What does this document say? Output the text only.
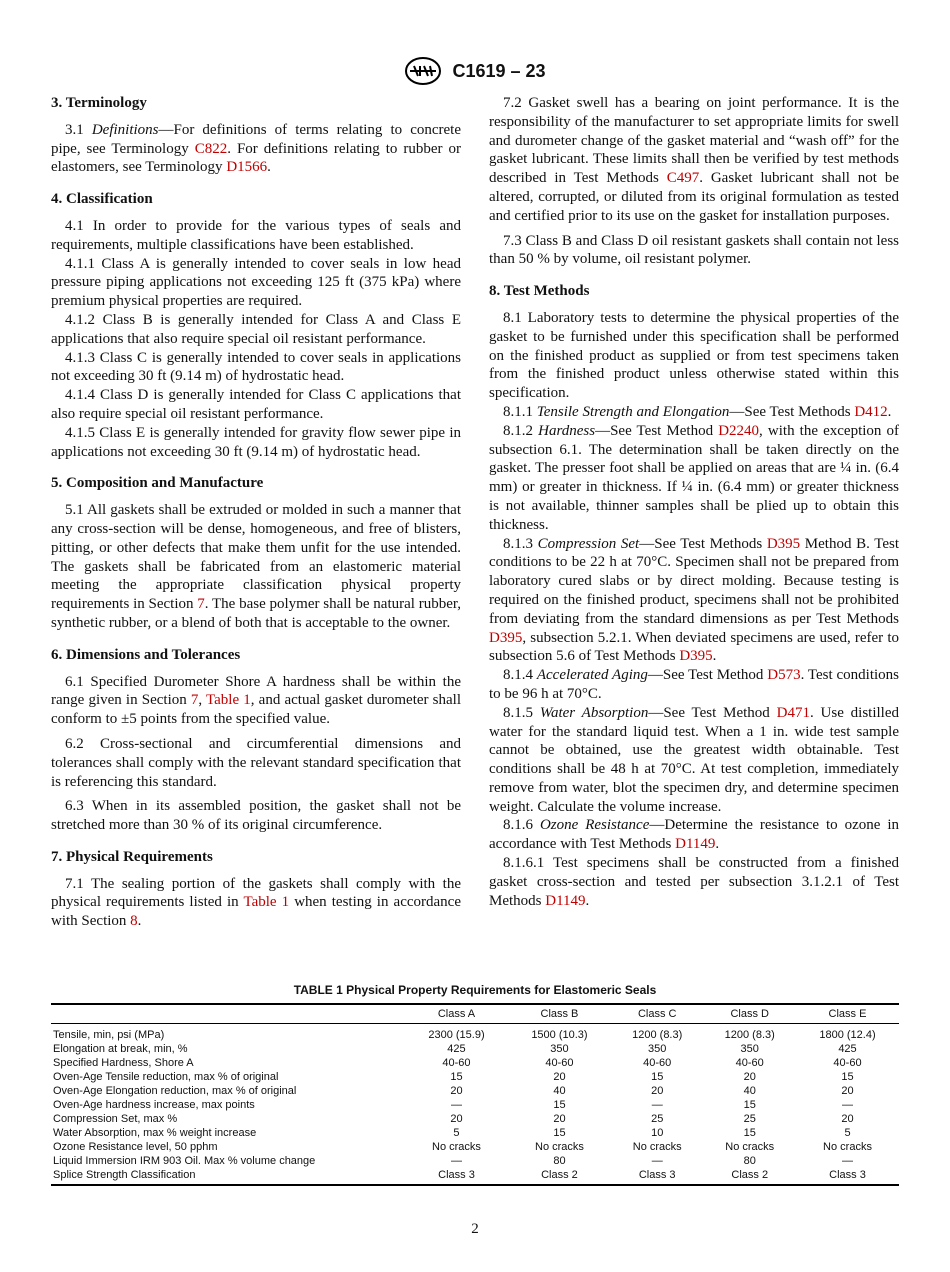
C1619 – 23
3. Terminology

3.1 Definitions—For definitions of terms relating to concrete pipe, see Terminology C822. For definitions relating to rubber or elastomers, see Terminology D1566.

4. Classification

4.1 In order to provide for the various types of seals and requirements, multiple classifications have been established.

4.1.1 Class A is generally intended to cover seals in low head pressure piping applications not exceeding 125 ft (375 kPa) where premium physical properties are required.

4.1.2 Class B is generally intended for Class A and Class E applications that also require special oil resistant performance.

4.1.3 Class C is generally intended to cover seals in applications not exceeding 30 ft (9.14 m) of hydrostatic head.

4.1.4 Class D is generally intended for Class C applications that also require special oil resistant performance.

4.1.5 Class E is generally intended for gravity flow sewer pipe in applications not exceeding 30 ft (9.14 m) of hydrostatic head.

5. Composition and Manufacture

5.1 All gaskets shall be extruded or molded in such a manner that any cross-section will be dense, homogeneous, and free of blisters, pitting, or other defects that make them unfit for the use intended. The gaskets shall be fabricated from an elastomeric material meeting the appropriate classification physical property requirements in Section 7. The base polymer shall be natural rubber, synthetic rubber, or a blend of both that is acceptable to the owner.

6. Dimensions and Tolerances

6.1 Specified Durometer Shore A hardness shall be within the range given in Section 7, Table 1, and actual gasket durometer shall conform to ±5 points from the specified value.

6.2 Cross-sectional and circumferential dimensions and tolerances shall comply with the relevant standard specification that is referencing this standard.

6.3 When in its assembled position, the gasket shall not be stretched more than 30 % of its original circumference.

7. Physical Requirements

7.1 The sealing portion of the gaskets shall comply with the physical requirements listed in Table 1 when testing in accordance with Section 8.

7.2 Gasket swell has a bearing on joint performance. It is the responsibility of the manufacturer to set appropriate limits for swell and durometer change of the gasket material and “wash off” for the gasket lubricant. These limits shall then be verified by test methods described in Test Methods C497. Gasket lubricant shall not be altered, corrupted, or diluted from its original formulation as tested and certified prior to its use on the gasket for installation purposes.

7.3 Class B and Class D oil resistant gaskets shall contain not less than 50 % by volume, oil resistant polymer.

8. Test Methods

8.1 Laboratory tests to determine the physical properties of the gasket to be furnished under this specification shall be performed on the finished product as supplied or from test specimens taken from the finished product unless otherwise stated within this specification.

8.1.1 Tensile Strength and Elongation—See Test Methods D412.

8.1.2 Hardness—See Test Method D2240, with the exception of subsection 6.1. The determination shall be taken directly on the gasket. The presser foot shall be applied on areas that are ¼ in. (6.4 mm) or greater in thickness. If ¼ in. (6.4 mm) or greater thickness is not available, thinner samples shall be plied up to obtain this thickness.

8.1.3 Compression Set—See Test Methods D395 Method B. Test conditions to be 22 h at 70°C. Specimen shall not be prepared from laboratory cured slabs or by direct molding. Because testing is required on the finished product, specimens shall not be prohibited from deviating from the standard dimensions as per Test Methods D395, subsection 5.2.1. When deviated specimens are used, refer to subsection 5.6 of Test Methods D395.

8.1.4 Accelerated Aging—See Test Method D573. Test conditions to be 96 h at 70°C.

8.1.5 Water Absorption—See Test Method D471. Use distilled water for the standard liquid test. When a 1 in. wide test sample cannot be obtained, use the greatest width obtainable. Test conditions shall be 48 h at 70°C. At test completion, immediately remove from water, blot the specimen dry, and determine specimen weight. Calculate the volume increase.

8.1.6 Ozone Resistance—Determine the resistance to ozone in accordance with Test Methods D1149.

8.1.6.1 Test specimens shall be constructed from a finished gasket cross-section and tested per subsection 3.1.2.1 of Test Methods D1149.

TABLE 1 Physical Property Requirements for Elastomeric Seals
	Class A	Class B	Class C	Class D	Class E
Tensile, min, psi (MPa)	2300 (15.9)	1500 (10.3)	1200 (8.3)	1200 (8.3)	1800 (12.4)
Elongation at break, min, %	425	350	350	350	425
Specified Hardness, Shore A	40-60	40-60	40-60	40-60	40-60
Oven-Age Tensile reduction, max % of original	15	20	15	20	15
Oven-Age Elongation reduction, max % of original	20	40	20	40	20
Oven-Age hardness increase, max points	—	15	—	15	—
Compression Set, max %	20	20	25	25	20
Water Absorption, max % weight increase	5	15	10	15	5
Ozone Resistance level, 50 pphm	No cracks	No cracks	No cracks	No cracks	No cracks
Liquid Immersion IRM 903 Oil. Max % volume change	—	80	—	80	—
Splice Strength Classification	Class 3	Class 2	Class 3	Class 2	Class 3
2
